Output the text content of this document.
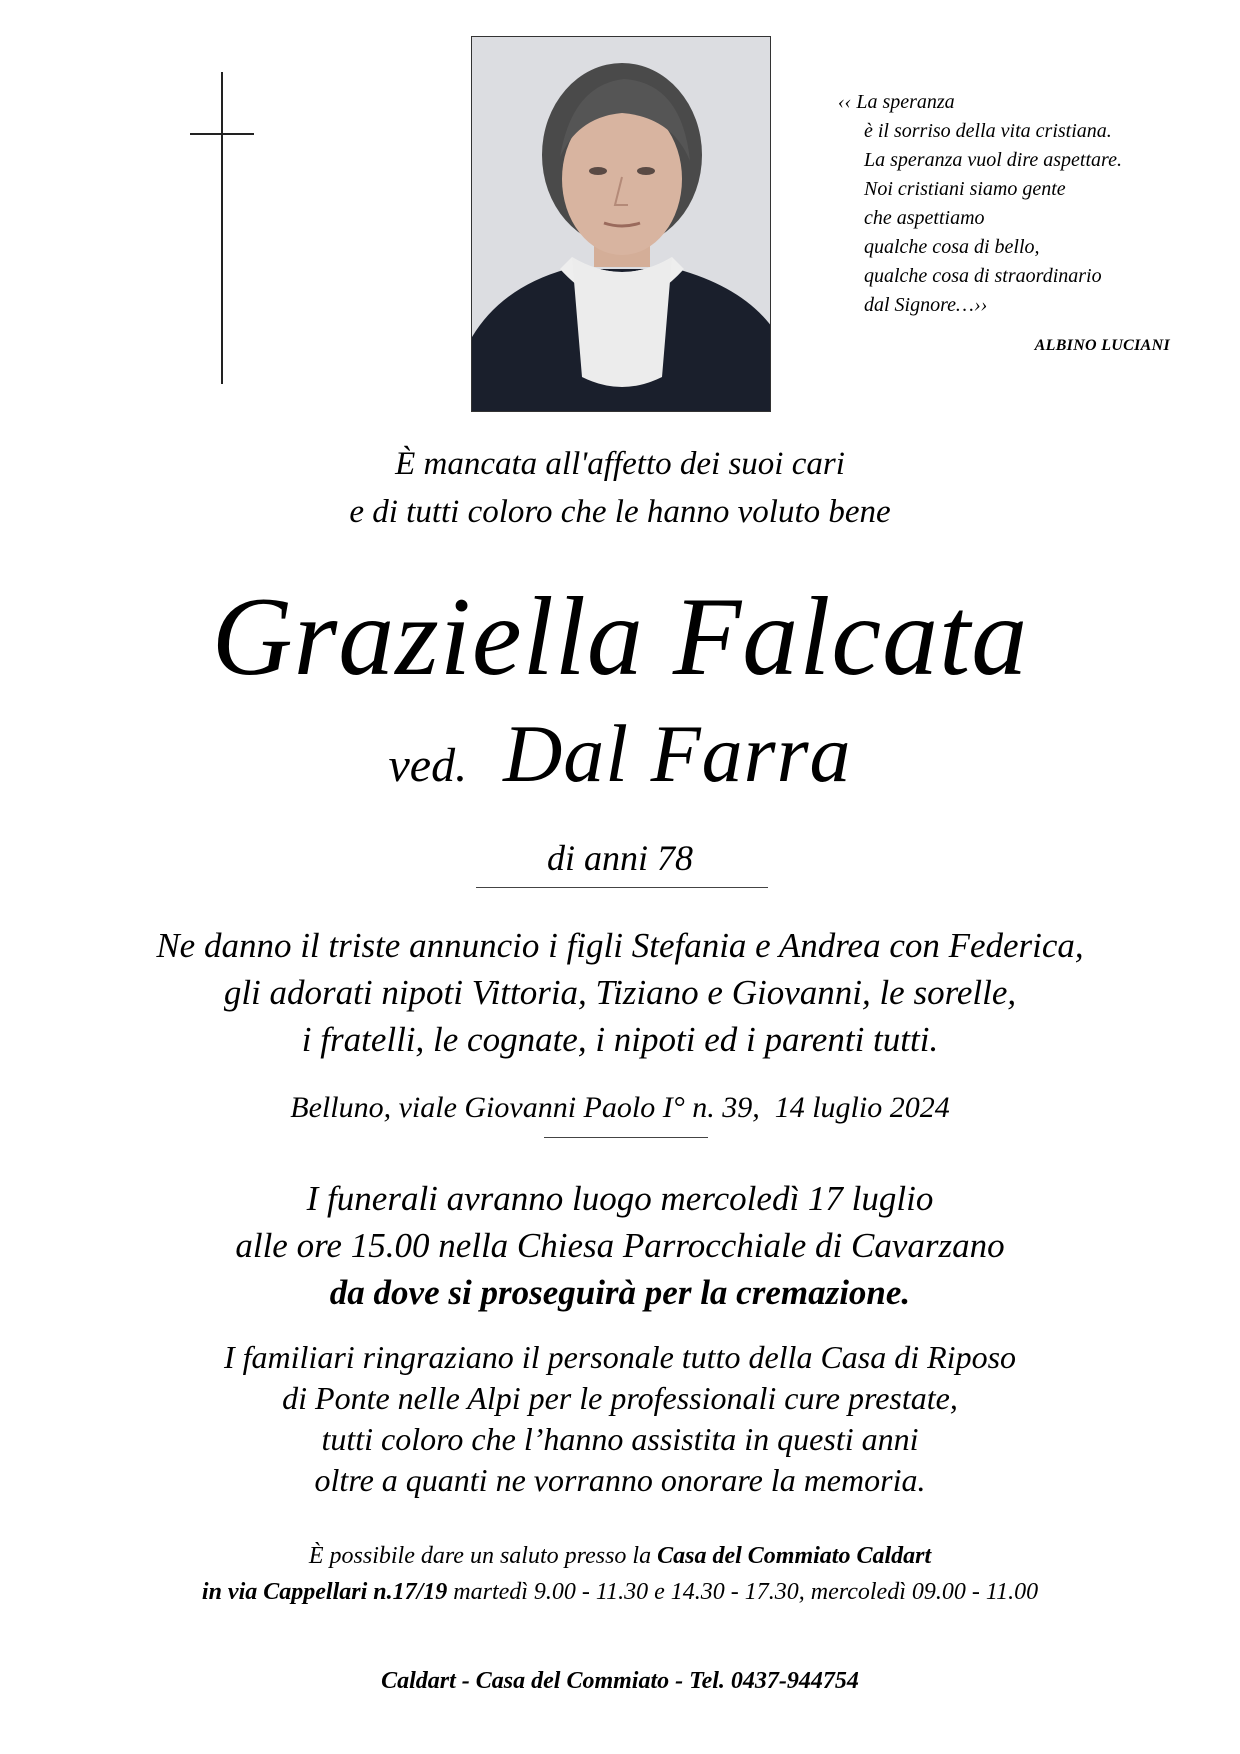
‹‹ La speranza
è il sorriso della vita cristiana.
La speranza vuol dire aspettare.
Noi cristiani siamo gente
che aspettiamo
qualche cosa di bello,
qualche cosa di straordinario
dal Signore…››
ALBINO LUCIANI
È mancata all'affetto dei suoi cari
e di tutti coloro che le hanno voluto bene
Graziella Falcata
ved. Dal Farra
di anni 78
Ne danno il triste annuncio i figli Stefania e Andrea con Federica,
gli adorati nipoti Vittoria, Tiziano e Giovanni, le sorelle,
i fratelli, le cognate, i nipoti ed i parenti tutti.
Belluno, viale Giovanni Paolo I° n. 39,  14 luglio 2024
I funerali avranno luogo mercoledì 17 luglio
alle ore 15.00 nella Chiesa Parrocchiale di Cavarzano
da dove si proseguirà per la cremazione.
I familiari ringraziano il personale tutto della Casa di Riposo
di Ponte nelle Alpi per le professionali cure prestate,
tutti coloro che l’hanno assistita in questi anni
oltre a quanti ne vorranno onorare la memoria.
È possibile dare un saluto presso la Casa del Commiato Caldart
in via Cappellari n.17/19 martedì 9.00 - 11.30 e 14.30 - 17.30, mercoledì 09.00 - 11.00
Caldart - Casa del Commiato - Tel. 0437-944754
